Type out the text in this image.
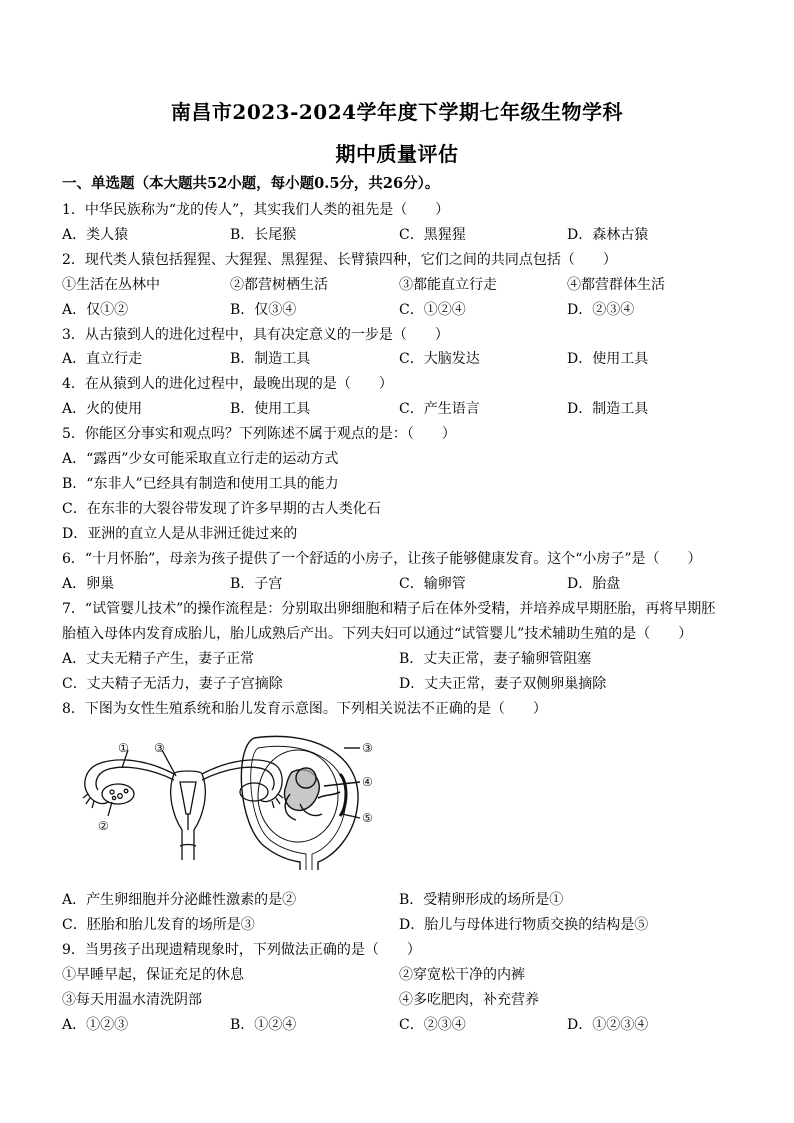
南昌市2023-2024学年度下学期七年级生物学科
期中质量评估
一、单选题（本大题共52小题，每小题0.5分，共26分）。
1．中华民族称为“龙的传人”，其实我们人类的祖先是（　　）
A．类人猿	B．长尾猴	C．黑猩猩	D．森林古猿
2．现代类人猿包括猩猩、大猩猩、黑猩猩、长臂猿四种，它们之间的共同点包括（　　）
①生活在丛林中	②都营树栖生活	③都能直立行走	④都营群体生活
A．仅①②	B．仅③④	C．①②④	D．②③④
3．从古猿到人的进化过程中，具有决定意义的一步是（　　）
A．直立行走	B．制造工具	C．大脑发达	D．使用工具
4．在从猿到人的进化过程中，最晚出现的是（　　）
A．火的使用	B．使用工具	C．产生语言	D．制造工具
5．你能区分事实和观点吗？下列陈述不属于观点的是：（　　）
A．“露西”少女可能采取直立行走的运动方式
B．“东非人”已经具有制造和使用工具的能力
C．在东非的大裂谷带发现了许多早期的古人类化石
D．亚洲的直立人是从非洲迁徙过来的
6．“十月怀胎”，母亲为孩子提供了一个舒适的小房子，让孩子能够健康发育。这个“小房子”是（　　）
A．卵巢	B．子宫	C．输卵管	D．胎盘
7．“试管婴儿技术”的操作流程是：分别取出卵细胞和精子后在体外受精，并培养成早期胚胎，再将早期胚
胎植入母体内发育成胎儿，胎儿成熟后产出。下列夫妇可以通过“试管婴儿”技术辅助生殖的是（　　）
A．丈夫无精子产生，妻子正常	B．丈夫正常，妻子输卵管阻塞
C．丈夫精子无活力，妻子子宫摘除	D．丈夫正常，妻子双侧卵巢摘除
8．下图为女性生殖系统和胎儿发育示意图。下列相关说法不正确的是（　　）
① ③
②
③
④
⑤
A．产生卵细胞并分泌雌性激素的是②	B．受精卵形成的场所是①
C．胚胎和胎儿发育的场所是③	D．胎儿与母体进行物质交换的结构是⑤
9．当男孩子出现遗精现象时，下列做法正确的是（　　）
①早睡早起，保证充足的休息	②穿宽松干净的内裤
③每天用温水清洗阴部	④多吃肥肉，补充营养
A．①②③	B．①②④	C．②③④	D．①②③④
